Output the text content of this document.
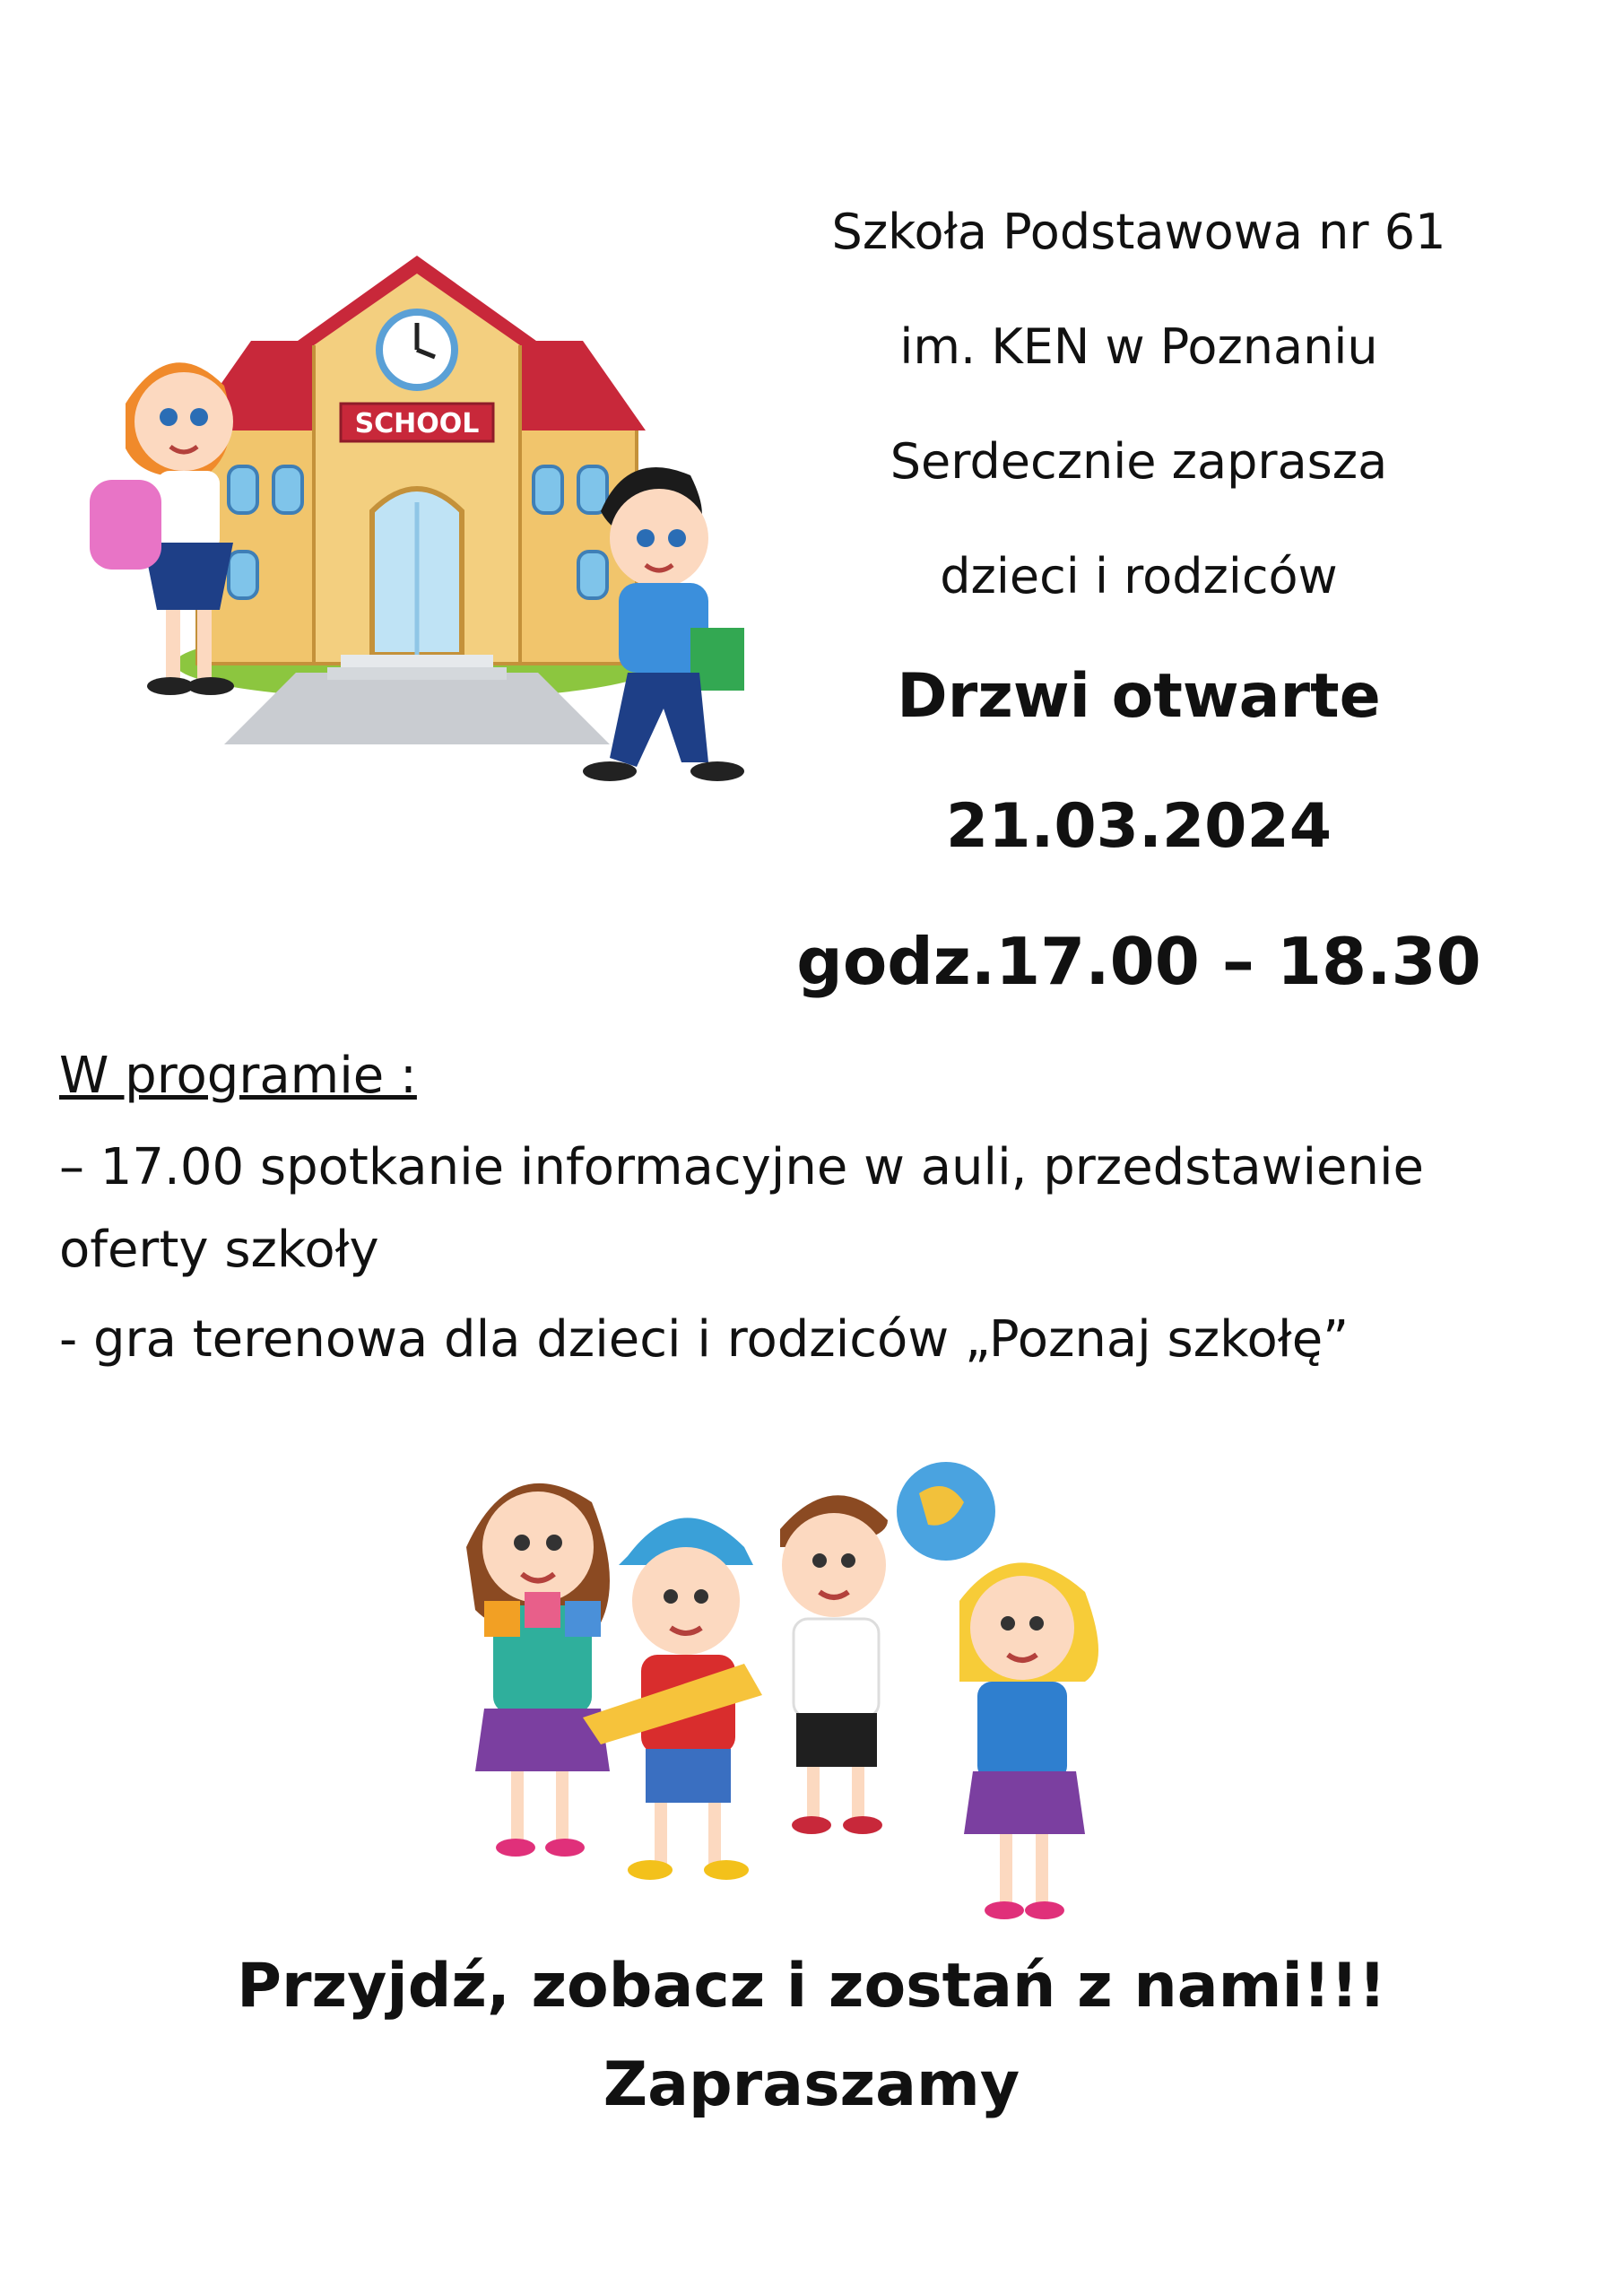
SCHOOL
Szkoła Podstawowa nr 61
im. KEN w Poznaniu
Serdecznie zaprasza
dzieci i rodziców
Drzwi otwarte
21.03.2024
godz.17.00 – 18.30

W programie :

– 17.00 spotkanie informacyjne w auli, przedstawienie oferty szkoły

- gra terenowa dla dzieci i rodziców „Poznaj szkołę”

Przyjdź, zobacz i zostań z nami!!!
Zapraszamy
